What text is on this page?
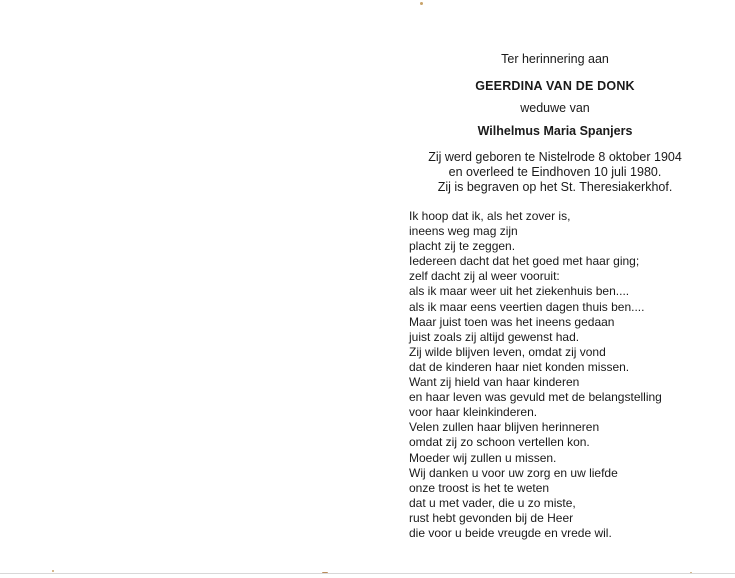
Ter herinnering aan
GEERDINA VAN DE DONK
weduwe van
Wilhelmus Maria Spanjers
Zij werd geboren te Nistelrode 8 oktober 1904
en overleed te Eindhoven 10 juli 1980.
Zij is begraven op het St. Theresiakerkhof.
Ik hoop dat ik, als het zover is,
ineens weg mag zijn
placht zij te zeggen.
Iedereen dacht dat het goed met haar ging;
zelf dacht zij al weer vooruit:
als ik maar weer uit het ziekenhuis ben....
als ik maar eens veertien dagen thuis ben....
Maar juist toen was het ineens gedaan
juist zoals zij altijd gewenst had.
Zij wilde blijven leven, omdat zij vond
dat de kinderen haar niet konden missen.
Want zij hield van haar kinderen
en haar leven was gevuld met de belangstelling
voor haar kleinkinderen.
Velen zullen haar blijven herinneren
omdat zij zo schoon vertellen kon.
Moeder wij zullen u missen.
Wij danken u voor uw zorg en uw liefde
onze troost is het te weten
dat u met vader, die u zo miste,
rust hebt gevonden bij de Heer
die voor u beide vreugde en vrede wil.
